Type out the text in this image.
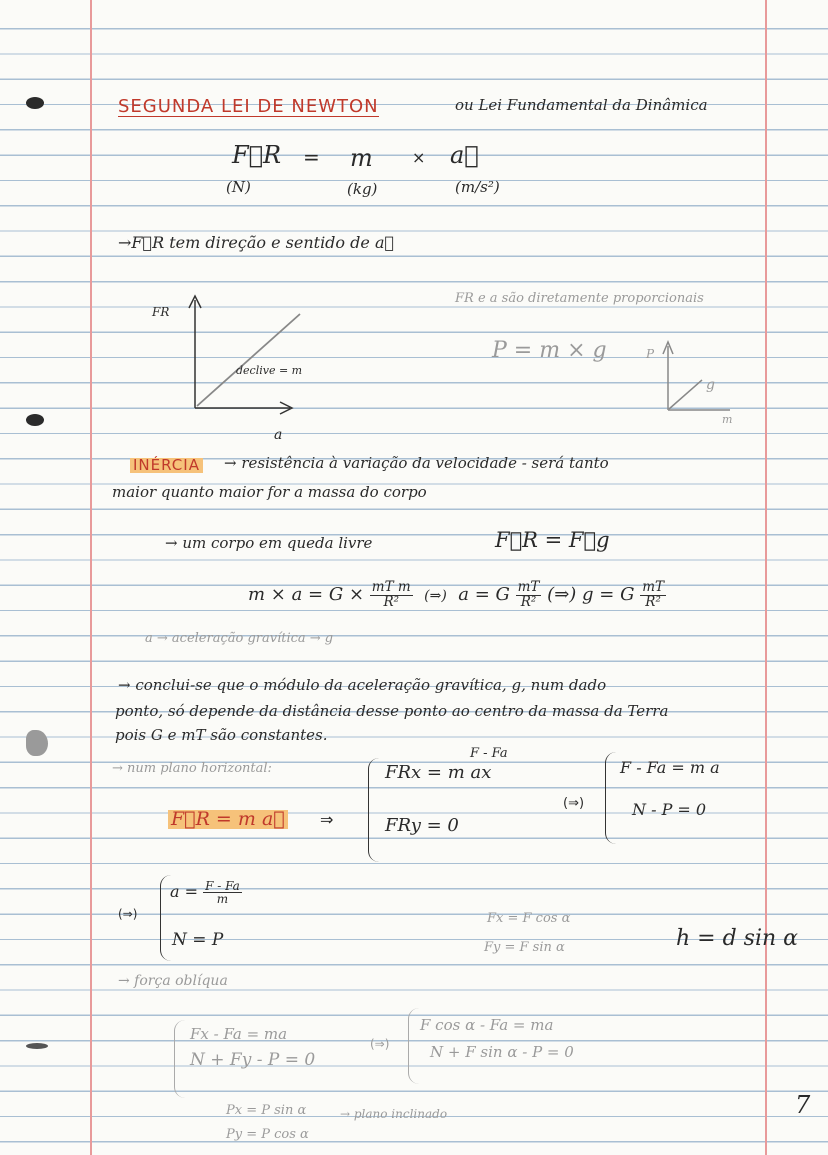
SEGUNDA LEI DE NEWTON	ou Lei Fundamental da Dinâmica
F⃗R = m × a⃗
(N)	(kg)	(m/s²)
→F⃗R tem direção e sentido de a⃗
FR
a
declive = m
FR e a são diretamente proporcionais
P = m × g	P
g
m
INÉRCIA → resistência à variação da velocidade - será tanto
maior quanto maior for a massa do corpo
→ um corpo em queda livre	F⃗R = F⃗g
$m \times a = G \times \frac{\text{mT m}}{\text{R²}}$ (⇒) a = G $\frac{mT}{\text{R²}}$ (⇒) g = G $\frac{mT}{\text{R²}}$
a → aceleração gravítica → g
→ conclui-se que o módulo da aceleração gravítica, g, num dado
ponto, só depende da distância desse ponto ao centro da massa da Terra
pois G e mT são constantes.
→ num plano horizontal:
F⃗R = m a⃗ ⇒
F - Fa
FRx = m ax
FRy = 0
(⇒)
F - Fa = m a
N - P = 0
(⇒)
$a = \frac{F - Fa}{m}$
N = P
Fx = F cos α
Fy = F sin α	h = d sin α
→ força oblíqua
Fx - Fa = ma
N + Fy - P = 0
(⇒)
F cos α - Fa = ma
N + F sin α - P = 0
Px = P sin α
Py = P cos α
→ plano inclinado	7
